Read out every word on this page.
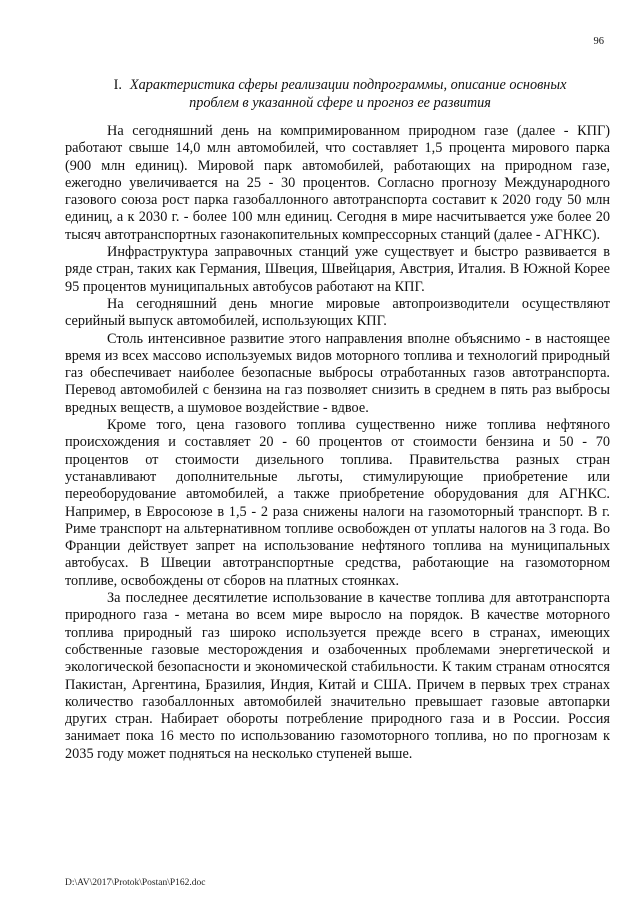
96
I. Характеристика сферы реализации подпрограммы, описание основных проблем в указанной сфере и прогноз ее развития

На сегодняшний день на компримированном природном газе (далее - КПГ) работают свыше 14,0 млн автомобилей, что составляет 1,5 процента мирового парка (900 млн единиц). Мировой парк автомобилей, работающих на природном газе, ежегодно увеличивается на 25 - 30 процентов. Согласно прогнозу Международного газового союза рост парка газобаллонного автотранспорта составит к 2020 году 50 млн единиц, а к 2030 г. - более 100 млн единиц. Сегодня в мире насчитывается уже более 20 тысяч автотранспортных газонакопительных компрессорных станций (далее - АГНКС).

Инфраструктура заправочных станций уже существует и быстро развивается в ряде стран, таких как Германия, Швеция, Швейцария, Австрия, Италия. В Южной Корее 95 процентов муниципальных автобусов работают на КПГ.

На сегодняшний день многие мировые автопроизводители осуществляют серийный выпуск автомобилей, использующих КПГ.

Столь интенсивное развитие этого направления вполне объяснимо - в настоящее время из всех массово используемых видов моторного топлива и технологий природный газ обеспечивает наиболее безопасные выбросы отработанных газов автотранспорта. Перевод автомобилей с бензина на газ позволяет снизить в среднем в пять раз выбросы вредных веществ, а шумовое воздействие - вдвое.

Кроме того, цена газового топлива существенно ниже топлива нефтяного происхождения и составляет 20 - 60 процентов от стоимости бензина и 50 - 70 процентов от стоимости дизельного топлива. Правительства разных стран устанавливают дополнительные льготы, стимулирующие приобретение или переоборудование автомобилей, а также приобретение оборудования для АГНКС. Например, в Евросоюзе в 1,5 - 2 раза снижены налоги на газомоторный транспорт. В г. Риме транспорт на альтернативном топливе освобожден от уплаты налогов на 3 года. Во Франции действует запрет на использование нефтяного топлива на муниципальных автобусах. В Швеции автотранспортные средства, работающие на газомоторном топливе, освобождены от сборов на платных стоянках.

За последнее десятилетие использование в качестве топлива для автотранспорта природного газа - метана во всем мире выросло на порядок. В качестве моторного топлива природный газ широко используется прежде всего в странах, имеющих собственные газовые месторождения и озабоченных проблемами энергетической и экологической безопасности и экономической стабильности. К таким странам относятся Пакистан, Аргентина, Бразилия, Индия, Китай и США. Причем в первых трех странах количество газобаллонных автомобилей значительно превышает газовые автопарки других стран. Набирает обороты потребление природного газа и в России. Россия занимает пока 16 место по использованию газомоторного топлива, но по прогнозам к 2035 году может подняться на несколько ступеней выше.

D:\AV\2017\Protok\Postan\P162.doc
